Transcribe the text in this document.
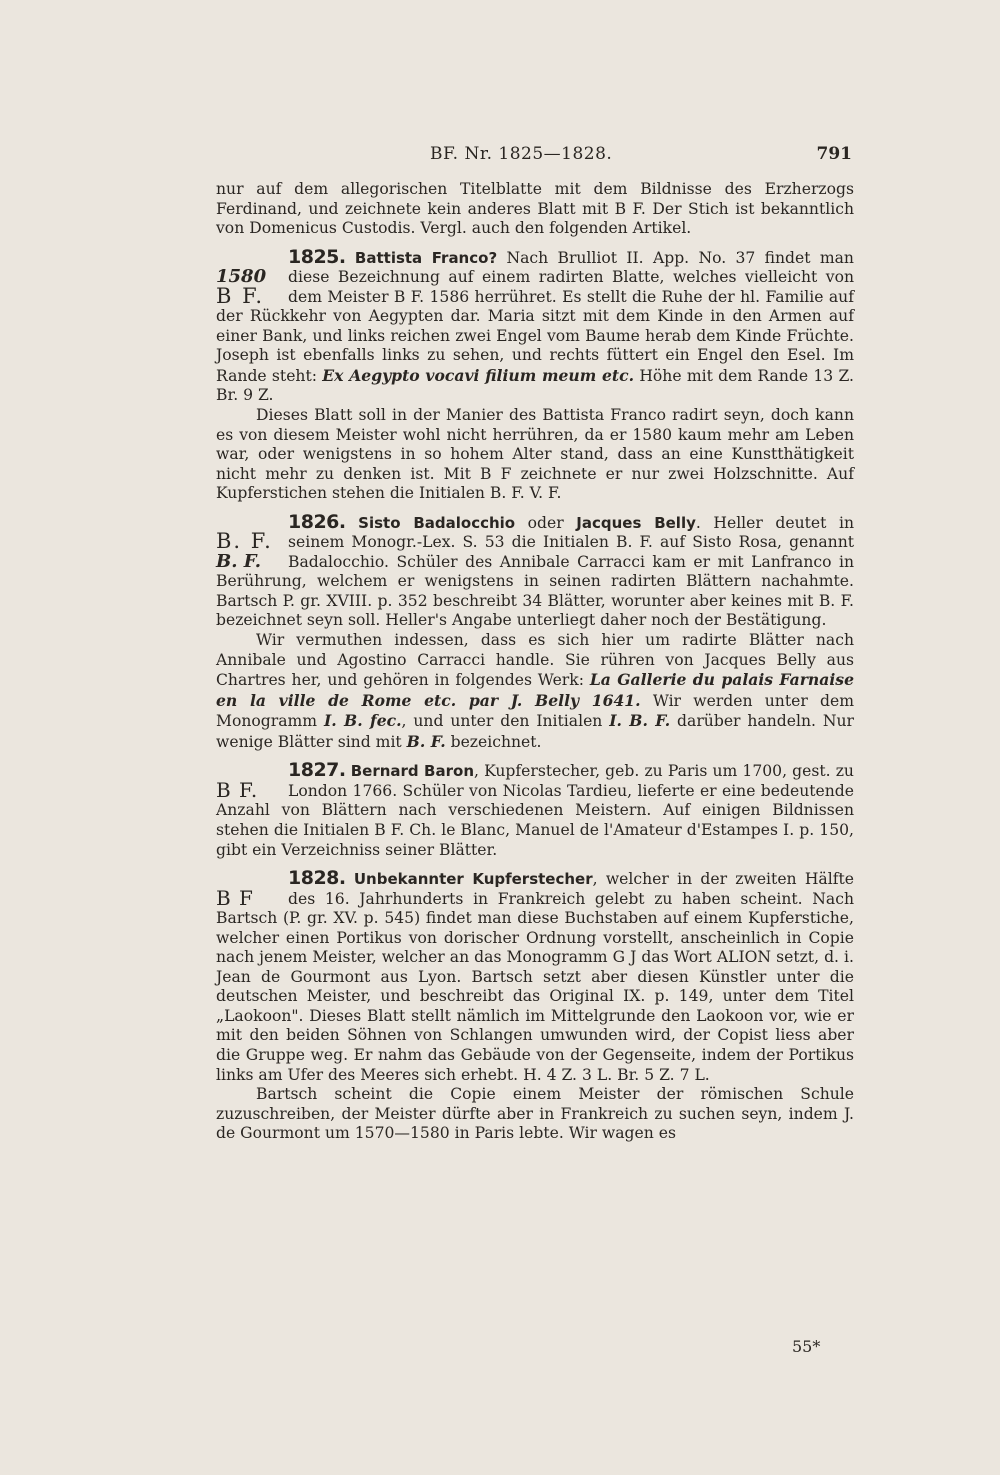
BF. Nr. 1825—1828.	791

nur auf dem allegorischen Titelblatte mit dem Bildnisse des Erzherzogs Ferdinand, und zeichnete kein anderes Blatt mit B F. Der Stich ist bekanntlich von Domenicus Custodis. Vergl. auch den folgenden Artikel.

1580
B F.
1825. Battista Franco? Nach Brulliot II. App. No. 37 findet man diese Bezeichnung auf einem radirten Blatte, welches vielleicht von dem Meister B F. 1586 herrühret. Es stellt die Ruhe der hl. Familie auf der Rückkehr von Aegypten dar. Maria sitzt mit dem Kinde in den Armen auf einer Bank, und links reichen zwei Engel vom Baume herab dem Kinde Früchte. Joseph ist ebenfalls links zu sehen, und rechts füttert ein Engel den Esel. Im Rande steht: Ex Aegypto vocavi filium meum etc. Höhe mit dem Rande 13 Z. Br. 9 Z.

Dieses Blatt soll in der Manier des Battista Franco radirt seyn, doch kann es von diesem Meister wohl nicht herrühren, da er 1580 kaum mehr am Leben war, oder wenigstens in so hohem Alter stand, dass an eine Kunstthätigkeit nicht mehr zu denken ist. Mit B F zeichnete er nur zwei Holzschnitte. Auf Kupferstichen stehen die Initialen B. F. V. F.

B. F.
B. F.
1826. Sisto Badalocchio oder Jacques Belly. Heller deutet in seinem Monogr.-Lex. S. 53 die Initialen B. F. auf Sisto Rosa, genannt Badalocchio. Schüler des Annibale Carracci kam er mit Lanfranco in Berührung, welchem er wenigstens in seinen radirten Blättern nachahmte. Bartsch P. gr. XVIII. p. 352 beschreibt 34 Blätter, worunter aber keines mit B. F. bezeichnet seyn soll. Heller's Angabe unterliegt daher noch der Bestätigung.

Wir vermuthen indessen, dass es sich hier um radirte Blätter nach Annibale und Agostino Carracci handle. Sie rühren von Jacques Belly aus Chartres her, und gehören in folgendes Werk: La Gallerie du palais Farnaise en la ville de Rome etc. par J. Belly 1641. Wir werden unter dem Monogramm I. B. fec., und unter den Initialen I. B. F. darüber handeln. Nur wenige Blätter sind mit B. F. bezeichnet.

B F.
1827. Bernard Baron, Kupferstecher, geb. zu Paris um 1700, gest. zu London 1766. Schüler von Nicolas Tardieu, lieferte er eine bedeutende Anzahl von Blättern nach verschiedenen Meistern. Auf einigen Bildnissen stehen die Initialen B F. Ch. le Blanc, Manuel de l'Amateur d'Estampes I. p. 150, gibt ein Verzeichniss seiner Blätter.

B F
1828. Unbekannter Kupferstecher, welcher in der zweiten Hälfte des 16. Jahrhunderts in Frankreich gelebt zu haben scheint. Nach Bartsch (P. gr. XV. p. 545) findet man diese Buchstaben auf einem Kupferstiche, welcher einen Portikus von dorischer Ordnung vorstellt, anscheinlich in Copie nach jenem Meister, welcher an das Monogramm G J das Wort ALION setzt, d. i. Jean de Gourmont aus Lyon. Bartsch setzt aber diesen Künstler unter die deutschen Meister, und beschreibt das Original IX. p. 149, unter dem Titel „Laokoon". Dieses Blatt stellt nämlich im Mittelgrunde den Laokoon vor, wie er mit den beiden Söhnen von Schlangen umwunden wird, der Copist liess aber die Gruppe weg. Er nahm das Gebäude von der Gegenseite, indem der Portikus links am Ufer des Meeres sich erhebt. H. 4 Z. 3 L. Br. 5 Z. 7 L.

Bartsch scheint die Copie einem Meister der römischen Schule zuzuschreiben, der Meister dürfte aber in Frankreich zu suchen seyn, indem J. de Gourmont um 1570—1580 in Paris lebte. Wir wagen es

55*
